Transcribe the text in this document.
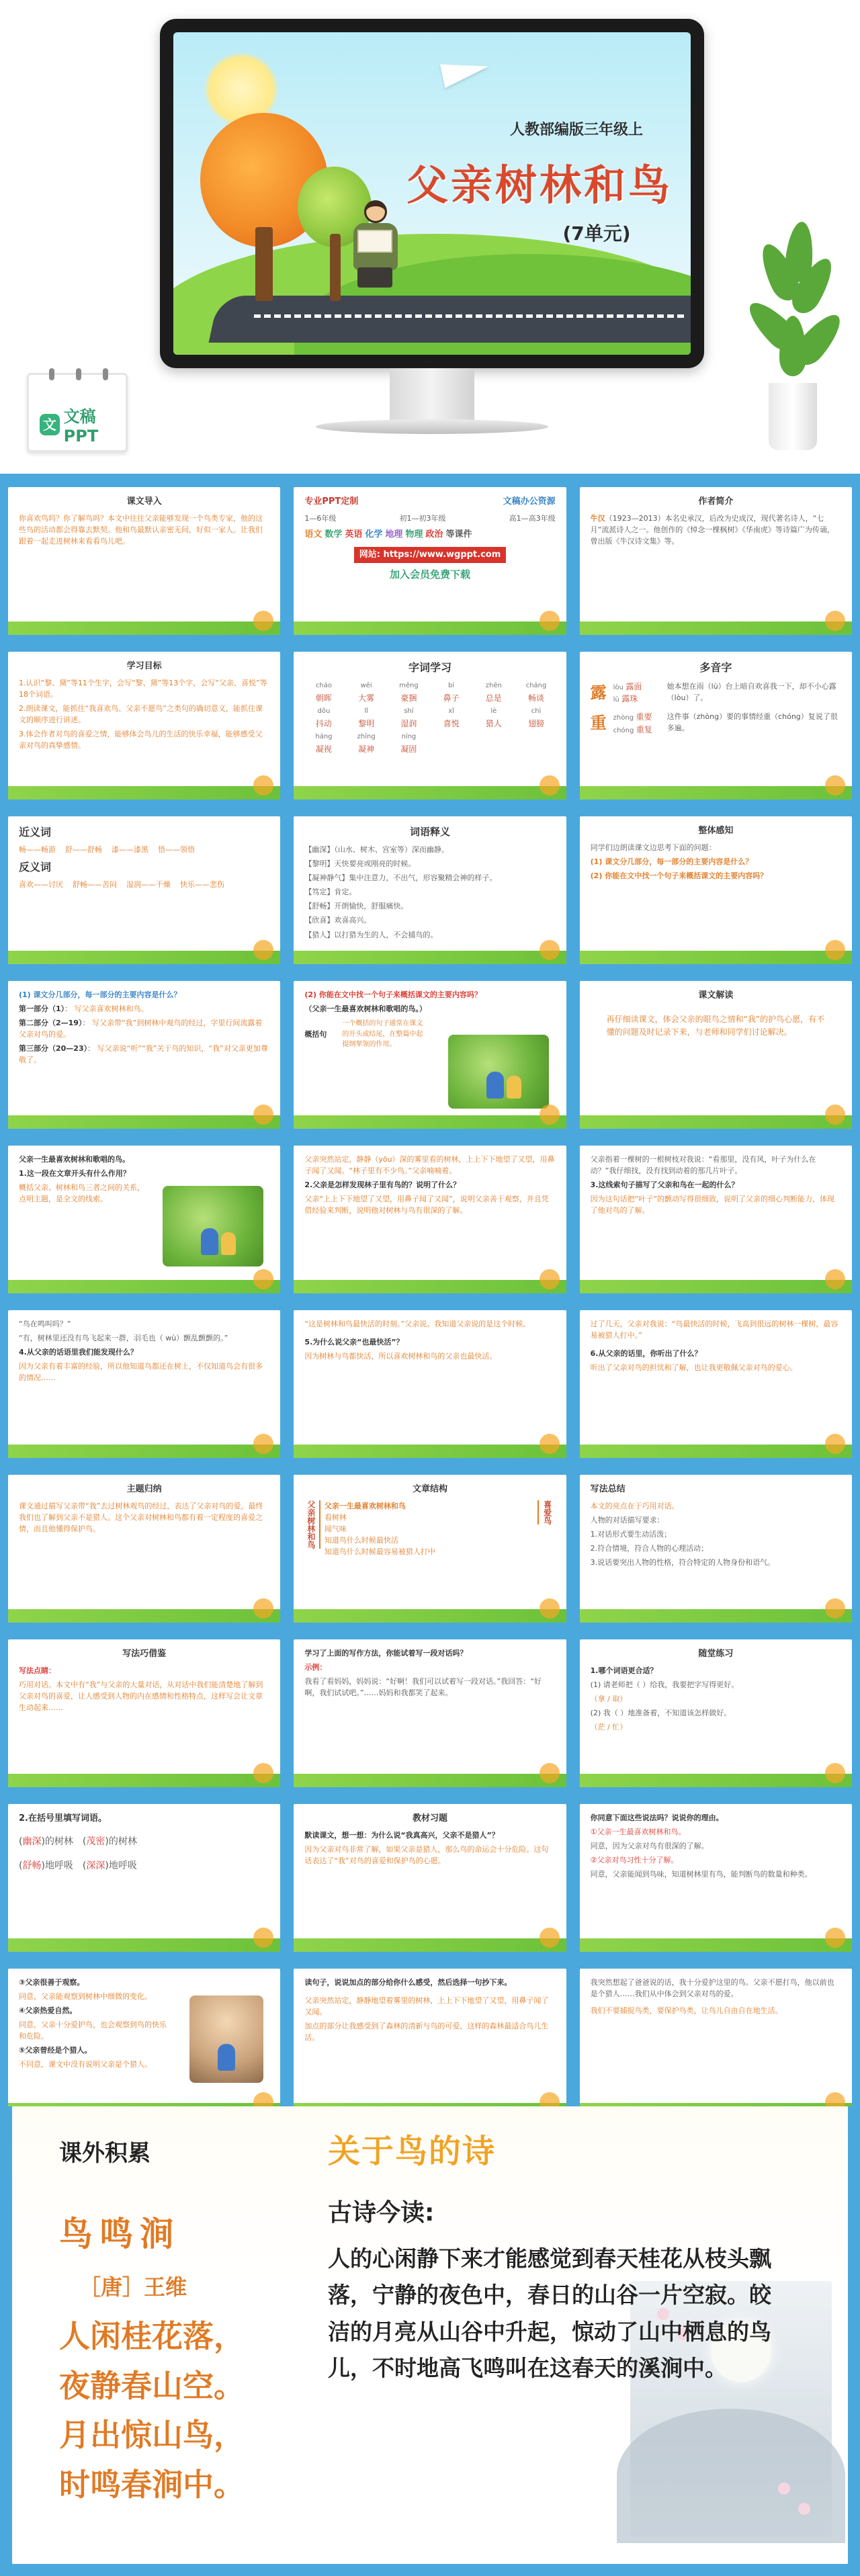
人教部编版三年级上
父亲树林和鸟
(7单元)
文 文稿PPT
课文导入

你喜欢鸟吗？你了解鸟吗？本文中往往父亲能够发现一个鸟类专家，他的这些鸟的活动都会得靠去默契。他和鸟最默认亲密无间，好似一家人。让我们跟着一起走进树林来看看鸟儿吧。

专业PPT定制	文稿办公资源
1—6年级	初1—初3年级	高1—高3年级
语文 数学 英语 化学 地理 物理 政治 等课件
网站: https://www.wgppt.com
加入会员免费下载
作者简介

牛汉（1923—2013）本名史承汉，后改为史成汉，现代著名诗人，“七月”流派诗人之一。他创作的《悼念一棵枫树》《华南虎》等诗篇广为传诵，曾出版《牛汉诗文集》等。

学习目标

1.认识“黎、黛”等11个生字，会写“黎、黛”等13个字，会写“父亲、喜悦”等18个词语。

2.朗读课文，能抓住“我喜欢鸟、父亲不愿鸟”之类句的确切意义，能抓住课文的顺序进行讲述。

3.体会作者对鸟的喜爱之情，能够体会鸟儿的生活的快乐幸福，能够感受父亲对鸟的真挚感情。

字词学习
cháo	wēi	měng	bí	zhēn	cháng
朝晖	大雾	豪捆	鼻子	总是	畅谈
dǒu	lǐ	shí	xǐ	lè	chì
抖动	黎明	湿润	喜悦	猎人	翅膀
háng	zhīng	níng
凝视	凝神	凝固
多音字
露 lòu 露面
lù 露珠
她本想在雨（lù）台上暗自欢喜我一下，却不小心露（lòu）了。
重 zhòng 重要
chóng 重复
这件事（zhòng）要的事情经重（chóng）复说了很多遍。
近义词
畅——畅游 舒——舒畅 漆——漆黑 悟——领悟
反义词
喜欢——讨厌 舒畅——苦闷 湿润——干燥 快乐——悲伤
词语释义

【幽深】（山水、树木、宫室等）深而幽静。

【黎明】天快要亮或刚亮的时候。

【凝神静气】集中注意力，不出气，形容聚精会神的样子。

【笃定】肯定。

【舒畅】开朗愉快，舒服痛快。

【欣喜】欢喜高兴。

【猎人】以打猎为生的人，不会捕鸟的。

整体感知

同学们边朗读课文边思考下面的问题：

(1) 课文分几部分，每一部分的主要内容是什么？

(2) 你能在文中找一个句子来概括课文的主要内容吗？

(1) 课文分几部分，每一部分的主要内容是什么？

第一部分（1）： 写父亲喜欢树林和鸟。

第二部分（2—19）： 写父亲带“我”到树林中观鸟的经过，字里行间流露着父亲对鸟的爱。

第三部分（20—23）： 写父亲说“听”“我”关于鸟的知识，“我”对父亲更加尊敬了。

(2) 你能在文中找一个句子来概括课文的主要内容吗？

（父亲一生最喜欢树林和歌唱的鸟。）

概括句
一个概括的句子通常在课文的开头或结尾，在整篇中起提纲挈领的作用。
课文解读

再仔细读课文，体会父亲的眼鸟之情和“我”的护鸟心愿，有不懂的问题及时记录下来，与老师和同学们讨论解决。

父亲一生最喜欢树林和歌唱的鸟。

1.这一段在文章开头有什么作用？

概括父亲、树林和鸟三者之间的关系，点明主题，是全文的线索。

父亲突然站定，静静（yōu）深的雾里看的树林，上上下下地望了又望，用鼻子闻了又闻。“林子里有不少鸟。”父亲喃喃着。

2.父亲是怎样发现林子里有鸟的？说明了什么？

父亲“上上下下地望了又望，用鼻子闻了又闻”，说明父亲善于观察，并且凭借经验来判断，说明他对树林与鸟有很深的了解。

父亲指着一棵树的一根树枝对我说：“看那里，没有风，叶子为什么在动？”我仔细找，没有找到动着的那几片叶子。

3.这线索句子描写了父亲和鸟在一起的什么？

因为这句话把“叶子”的颤动写得很细致，说明了父亲的细心判断能力，体现了他对鸟的了解。

“鸟在鸣叫吗？”

“有，树林里还没有鸟飞起来一群，羽毛也（ wù）颤乱颤颤的。”

4.从父亲的话语里我们能发现什么？

因为父亲有着丰富的经验，所以他知道鸟都还在树上，不仅知道鸟会有很多的情况……

“这是树林和鸟最快活的时刻。”父亲说。我知道父亲说的是这个时候。

5.为什么说父亲“也最快活”？

因为树林与鸟都快活，所以喜欢树林和鸟的父亲也最快活。

过了几天，父亲对我说：“鸟最快活的时候，飞高到很远的树林一棵树，最容易被猎人打中。”

6.从父亲的话里，你听出了什么？

听出了父亲对鸟的担忧和了解，也让我更敬佩父亲对鸟的爱心。

主题归纳

课文通过描写父亲带“我”去过树林观鸟的经过，表达了父亲对鸟的爱，最终我们也了解到父亲不是猎人。这个父亲对树林和鸟都有着一定程度的喜爱之情，而且他懂得保护鸟。

文章结构
父亲树林和鸟	父亲一生最喜欢树林和鸟
看树林
闻气味
知道鸟什么时候最快活
知道鸟什么时候最容易被猎人打中
喜爱鸟
写法总结

本文的亮点在于巧用对话。

人物的对话描写要求：

1.对话形式要生动活泼；

2.符合情境，符合人物的心理活动；

3.说话要突出人物的性格，符合特定的人物身份和语气。

写法巧借鉴

写法点睛：

巧用对话。本文中有“我”与父亲的大量对话，从对话中我们能清楚地了解到父亲对鸟的喜爱，让人感受到人物的内在感情和性格特点，这样写会让文章生动起来……

学习了上面的写作方法，你能试着写一段对话吗？

示例：

我看了看妈妈，妈妈说：“好啊！我们可以试着写一段对话。”我回答：“好啊，我们试试吧。”……妈妈和我都笑了起来。

随堂练习

1.哪个词语更合适？

(1) 请老师把（ ）给我，我要把字写得更好。

（拿 / 取）

(2) 我（ ）地准备着，不知道该怎样做好。

（茫 / 忙）

2.在括号里填写词语。

(幽深)的树林　(茂密)的树林

(舒畅)地呼吸　(深深)地呼吸

教材习题

默读课文，想一想：为什么说“我真高兴，父亲不是猎人”？

因为父亲对鸟非常了解，如果父亲是猎人，那么鸟的命运会十分危险。这句话表达了“我”对鸟的喜爱和保护鸟的心愿。

你同意下面这些说法吗？说说你的理由。

①父亲一生最喜欢树林和鸟。

同意，因为父亲对鸟有很深的了解。

②父亲对鸟习性十分了解。

同意，父亲能闻到鸟味，知道树林里有鸟，能判断鸟的数量和种类。

③父亲很善于观察。

同意，父亲能观察到树林中细微的变化。

④父亲热爱自然。

同意，父亲十分爱护鸟，也会观察到鸟的快乐和危险。

⑤父亲曾经是个猎人。

不同意，课文中没有说明父亲是个猎人。

读句子，说说加点的部分给你什么感受，然后选择一句抄下来。

父亲突然站定，静静地望着雾里的树林，上上下下地望了又望，用鼻子闻了又闻。

加点的部分让我感受到了森林的清新与鸟的可爱，这样的森林最适合鸟儿生活。

我突然想起了爸爸说的话，我十分爱护这里的鸟。父亲不愿打鸟，他以前也是个猎人……我们从中体会到父亲对鸟的爱。

我们不要捕捉鸟类，要保护鸟类，让鸟儿自由自在地生活。

课外积累	关于鸟的诗
古诗今读:
鸟鸣涧
［唐］王维
人闲桂花落，
夜静春山空。
月出惊山鸟，
时鸣春涧中。
人的心闲静下来才能感觉到春天桂花从枝头飘落，宁静的夜色中，春日的山谷一片空寂。皎洁的月亮从山谷中升起，惊动了山中栖息的鸟儿，不时地高飞鸣叫在这春天的溪涧中。
